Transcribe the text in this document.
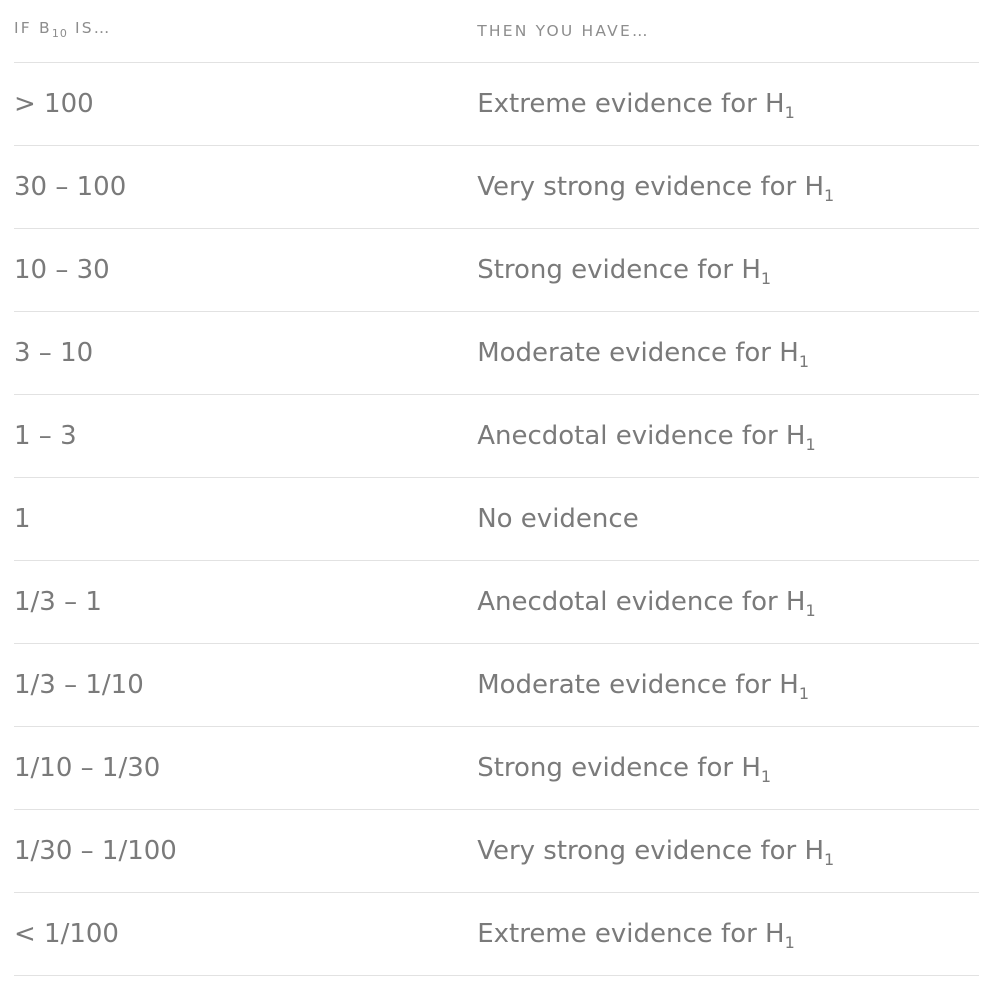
IF $B_{10}$ IS…	THEN YOU HAVE…

> 100	Extreme evidence for $H_1$

30 – 100	Very strong evidence for $H_1$

10 – 30	Strong evidence for $H_1$

3 – 10	Moderate evidence for $H_1$

1 – 3	Anecdotal evidence for $H_1$

1	No evidence

1/3 – 1	Anecdotal evidence for $H_1$

1/3 – 1/10	Moderate evidence for $H_1$

1/10 – 1/30	Strong evidence for $H_1$

1/30 – 1/100	Very strong evidence for $H_1$

< 1/100	Extreme evidence for $H_1$
